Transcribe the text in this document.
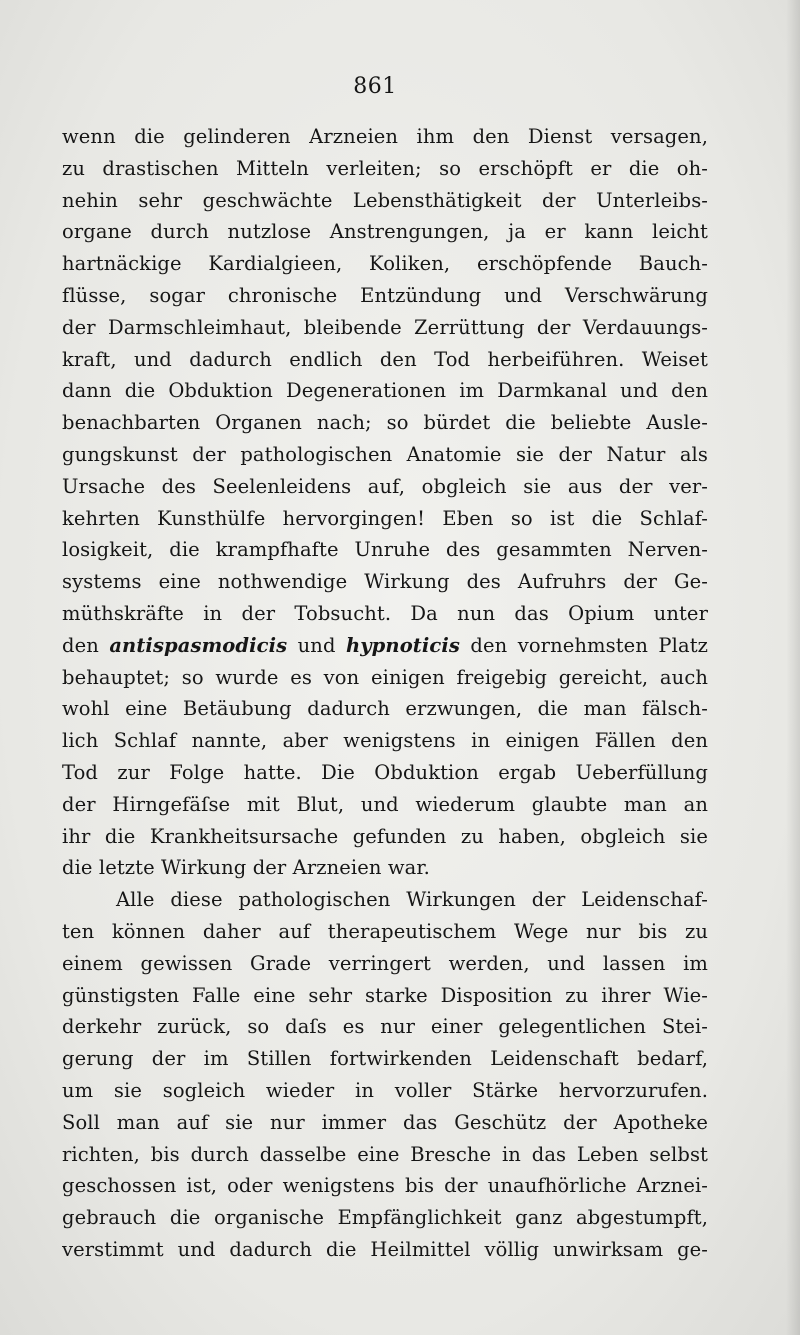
861
wenn die gelinderen Arzneien ihm den Dienst versagen,
zu drastischen Mitteln verleiten; so erschöpft er die oh-
nehin sehr geschwächte Lebensthätigkeit der Unterleibs-
organe durch nutzlose Anstrengungen, ja er kann leicht
hartnäckige Kardialgieen, Koliken, erschöpfende Bauch-
flüsse, sogar chronische Entzündung und Verschwärung
der Darmschleimhaut, bleibende Zerrüttung der Verdauungs-
kraft, und dadurch endlich den Tod herbeiführen. Weiset
dann die Obduktion Degenerationen im Darmkanal und den
benachbarten Organen nach; so bürdet die beliebte Ausle-
gungskunst der pathologischen Anatomie sie der Natur als
Ursache des Seelenleidens auf, obgleich sie aus der ver-
kehrten Kunsthülfe hervorgingen! Eben so ist die Schlaf-
losigkeit, die krampfhafte Unruhe des gesammten Nerven-
systems eine nothwendige Wirkung des Aufruhrs der Ge-
müthskräfte in der Tobsucht. Da nun das Opium unter
den antispasmodicis und hypnoticis den vornehmsten Platz
behauptet; so wurde es von einigen freigebig gereicht, auch
wohl eine Betäubung dadurch erzwungen, die man fälsch-
lich Schlaf nannte, aber wenigstens in einigen Fällen den
Tod zur Folge hatte. Die Obduktion ergab Ueberfüllung
der Hirngefäſse mit Blut, und wiederum glaubte man an
ihr die Krankheitsursache gefunden zu haben, obgleich sie
die letzte Wirkung der Arzneien war.
Alle diese pathologischen Wirkungen der Leidenschaf-
ten können daher auf therapeutischem Wege nur bis zu
einem gewissen Grade verringert werden, und lassen im
günstigsten Falle eine sehr starke Disposition zu ihrer Wie-
derkehr zurück, so daſs es nur einer gelegentlichen Stei-
gerung der im Stillen fortwirkenden Leidenschaft bedarf,
um sie sogleich wieder in voller Stärke hervorzurufen.
Soll man auf sie nur immer das Geschütz der Apotheke
richten, bis durch dasselbe eine Bresche in das Leben selbst
geschossen ist, oder wenigstens bis der unaufhörliche Arznei-
gebrauch die organische Empfänglichkeit ganz abgestumpft,
verstimmt und dadurch die Heilmittel völlig unwirksam ge-
